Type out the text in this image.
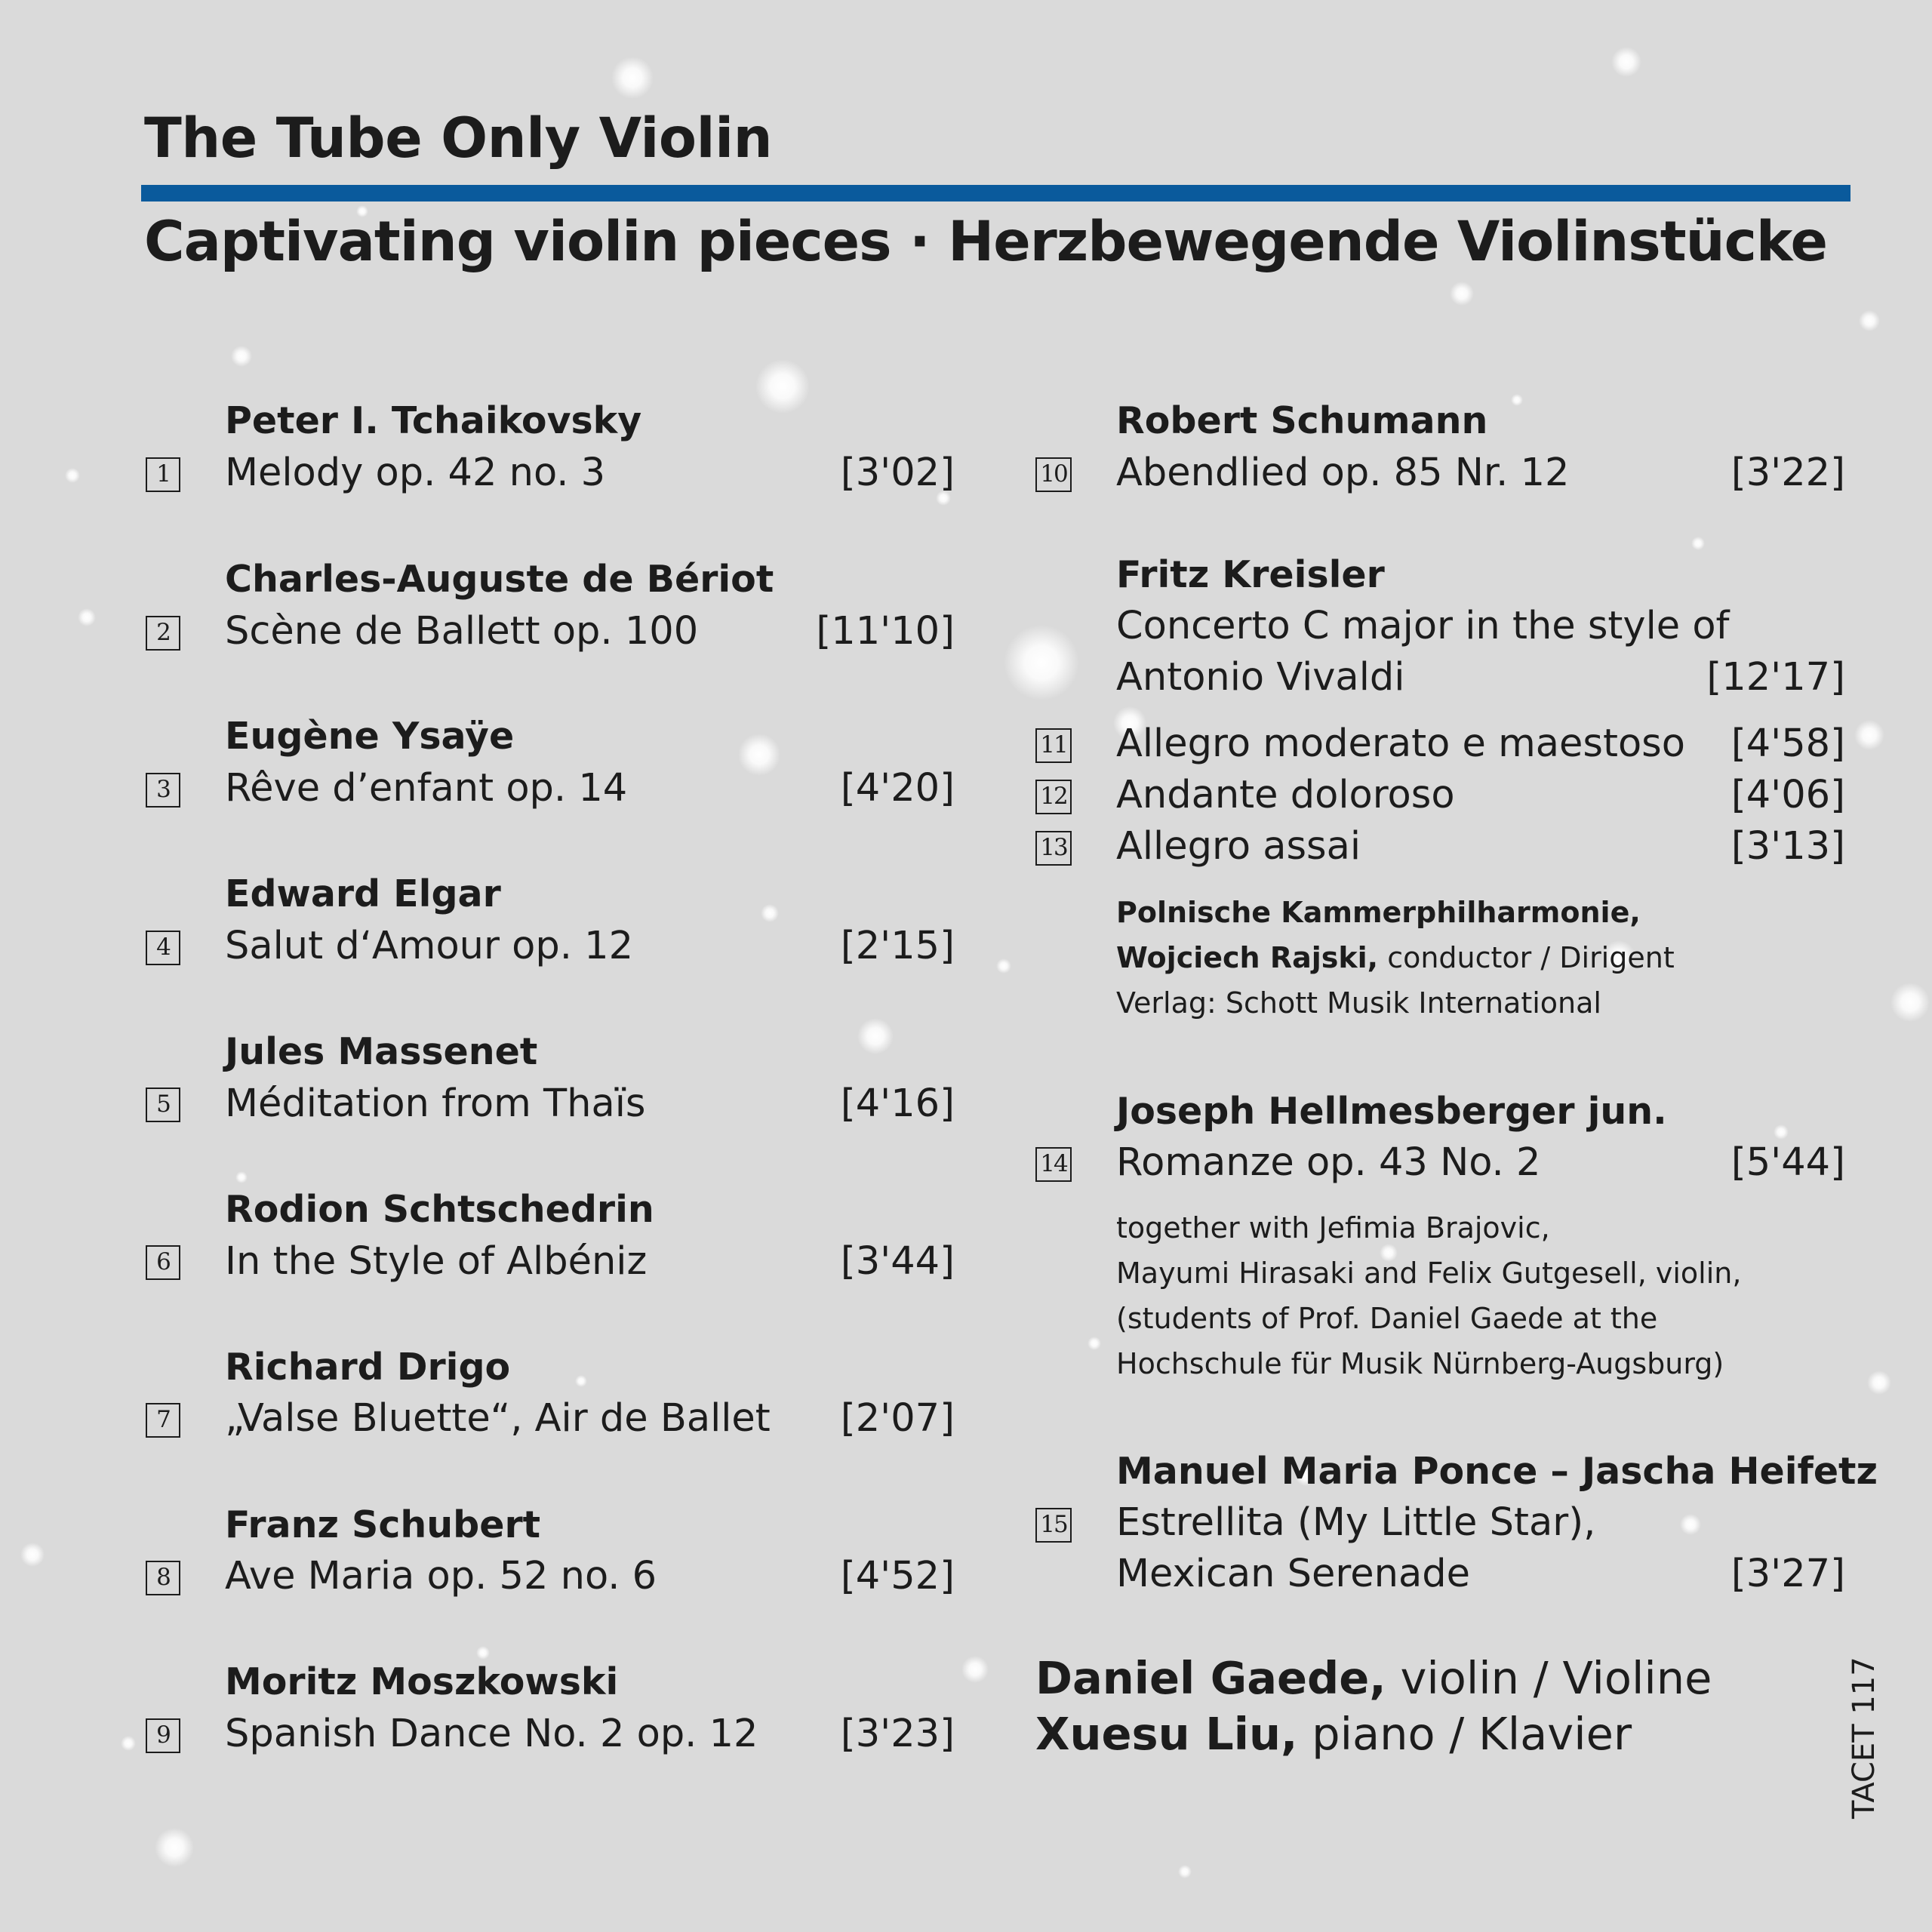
The Tube Only Violin
Captivating violin pieces · Herzbewegende Violinstücke
Peter I. Tchaikovsky
1 Melody op. 42 no. 3	[3'02]
Charles-Auguste de Bériot
2 Scène de Ballett op. 100	[11'10]
Eugène Ysaÿe
3 Rêve d’enfant op. 14	[4'20]
Edward Elgar
4 Salut d‘Amour op. 12	[2'15]
Jules Massenet
5 Méditation from Thaïs	[4'16]
Rodion Schtschedrin
6 In the Style of Albéniz	[3'44]
Richard Drigo
7 „Valse Bluette“, Air de Ballet	[2'07]
Franz Schubert
8 Ave Maria op. 52 no. 6	[4'52]
Moritz Moszkowski
9 Spanish Dance No. 2 op. 12	[3'23]
Robert Schumann
10 Abendlied op. 85 Nr. 12	[3'22]
Fritz Kreisler
Concerto C major in the style of
Antonio Vivaldi	[12'17]
11 Allegro moderato e maestoso	[4'58]
12 Andante doloroso	[4'06]
13 Allegro assai	[3'13]
Polnische Kammerphilharmonie,
Wojciech Rajski, conductor / Dirigent
Verlag: Schott Musik International
Joseph Hellmesberger jun.
14 Romanze op. 43 No. 2	[5'44]
together with Jefimia Brajovic,
Mayumi Hirasaki and Felix Gutgesell, violin,
(students of Prof. Daniel Gaede at the
Hochschule für Musik Nürnberg-Augsburg)
Manuel Maria Ponce – Jascha Heifetz
15 Estrellita (My Little Star),
Mexican Serenade	[3'27]
Daniel Gaede, violin / Violine
Xuesu Liu, piano / Klavier	TACET 117
